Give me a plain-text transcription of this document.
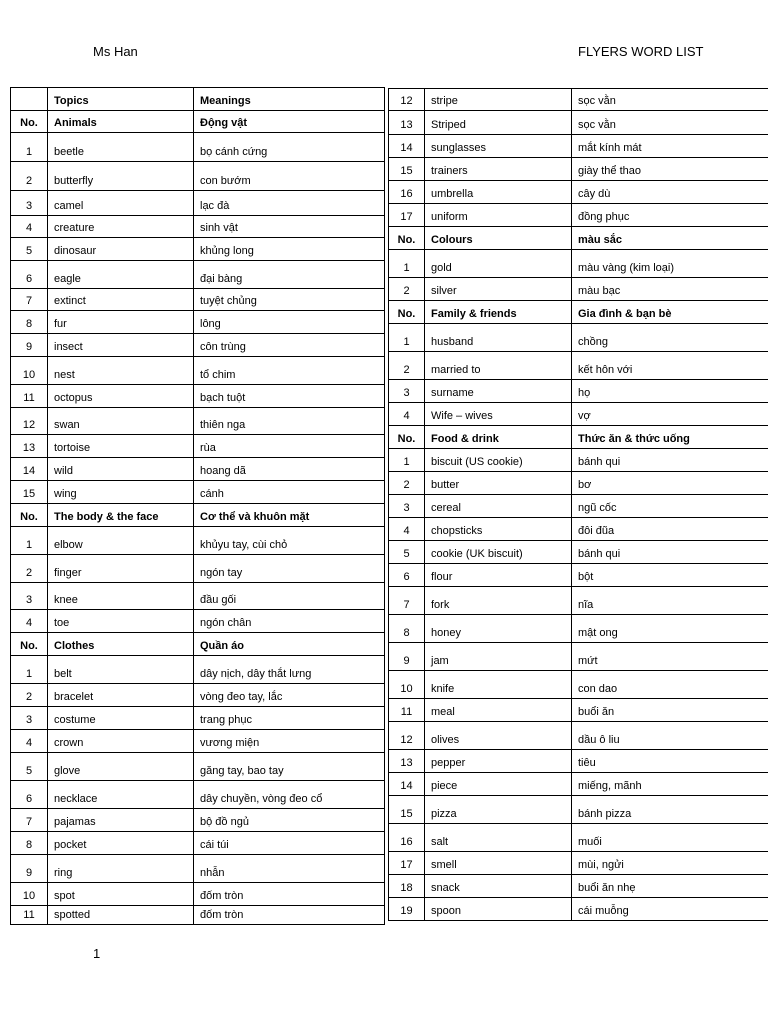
Ms Han	FLYERS WORD LIST
	Topics	Meanings
No.	Animals	Động vật
1	beetle	bọ cánh cứng
2	butterfly	con bướm
3	camel	lạc đà
4	creature	sinh vật
5	dinosaur	khủng long
6	eagle	đại bàng
7	extinct	tuyệt chủng
8	fur	lông
9	insect	côn trùng
10	nest	tổ chim
11	octopus	bạch tuột
12	swan	thiên nga
13	tortoise	rùa
14	wild	hoang dã
15	wing	cánh
No.	The body & the face	Cơ thể và khuôn mặt
1	elbow	khủyu tay, cùi chỏ
2	finger	ngón tay
3	knee	đầu gối
4	toe	ngón chân
No.	Clothes	Quần áo
1	belt	dây nịch, dây thắt lưng
2	bracelet	vòng đeo tay, lắc
3	costume	trang phục
4	crown	vương miện
5	glove	găng tay, bao tay
6	necklace	dây chuyền, vòng đeo cổ
7	pajamas	bộ đồ ngủ
8	pocket	cái túi
9	ring	nhẫn
10	spot	đốm tròn
11	spotted	đốm tròn
12	stripe	sọc vằn
13	Striped	sọc vằn
14	sunglasses	mắt kính mát
15	trainers	giày thể thao
16	umbrella	cây dù
17	uniform	đồng phục
No.	Colours	màu sắc
1	gold	màu vàng (kim loại)
2	silver	màu bạc
No.	Family & friends	Gia đình & bạn bè
1	husband	chồng
2	married to	kết hôn với
3	surname	họ
4	Wife – wives	vợ
No.	Food & drink	Thức ăn & thức uống
1	biscuit (US cookie)	bánh qui
2	butter	bơ
3	cereal	ngũ cốc
4	chopsticks	đôi đũa
5	cookie (UK biscuit)	bánh qui
6	flour	bột
7	fork	nĩa
8	honey	mật ong
9	jam	mứt
10	knife	con dao
11	meal	buổi ăn
12	olives	dầu ô liu
13	pepper	tiêu
14	piece	miếng, mãnh
15	pizza	bánh pizza
16	salt	muối
17	smell	mùi, ngửi
18	snack	buổi ăn nhẹ
19	spoon	cái muỗng
1
